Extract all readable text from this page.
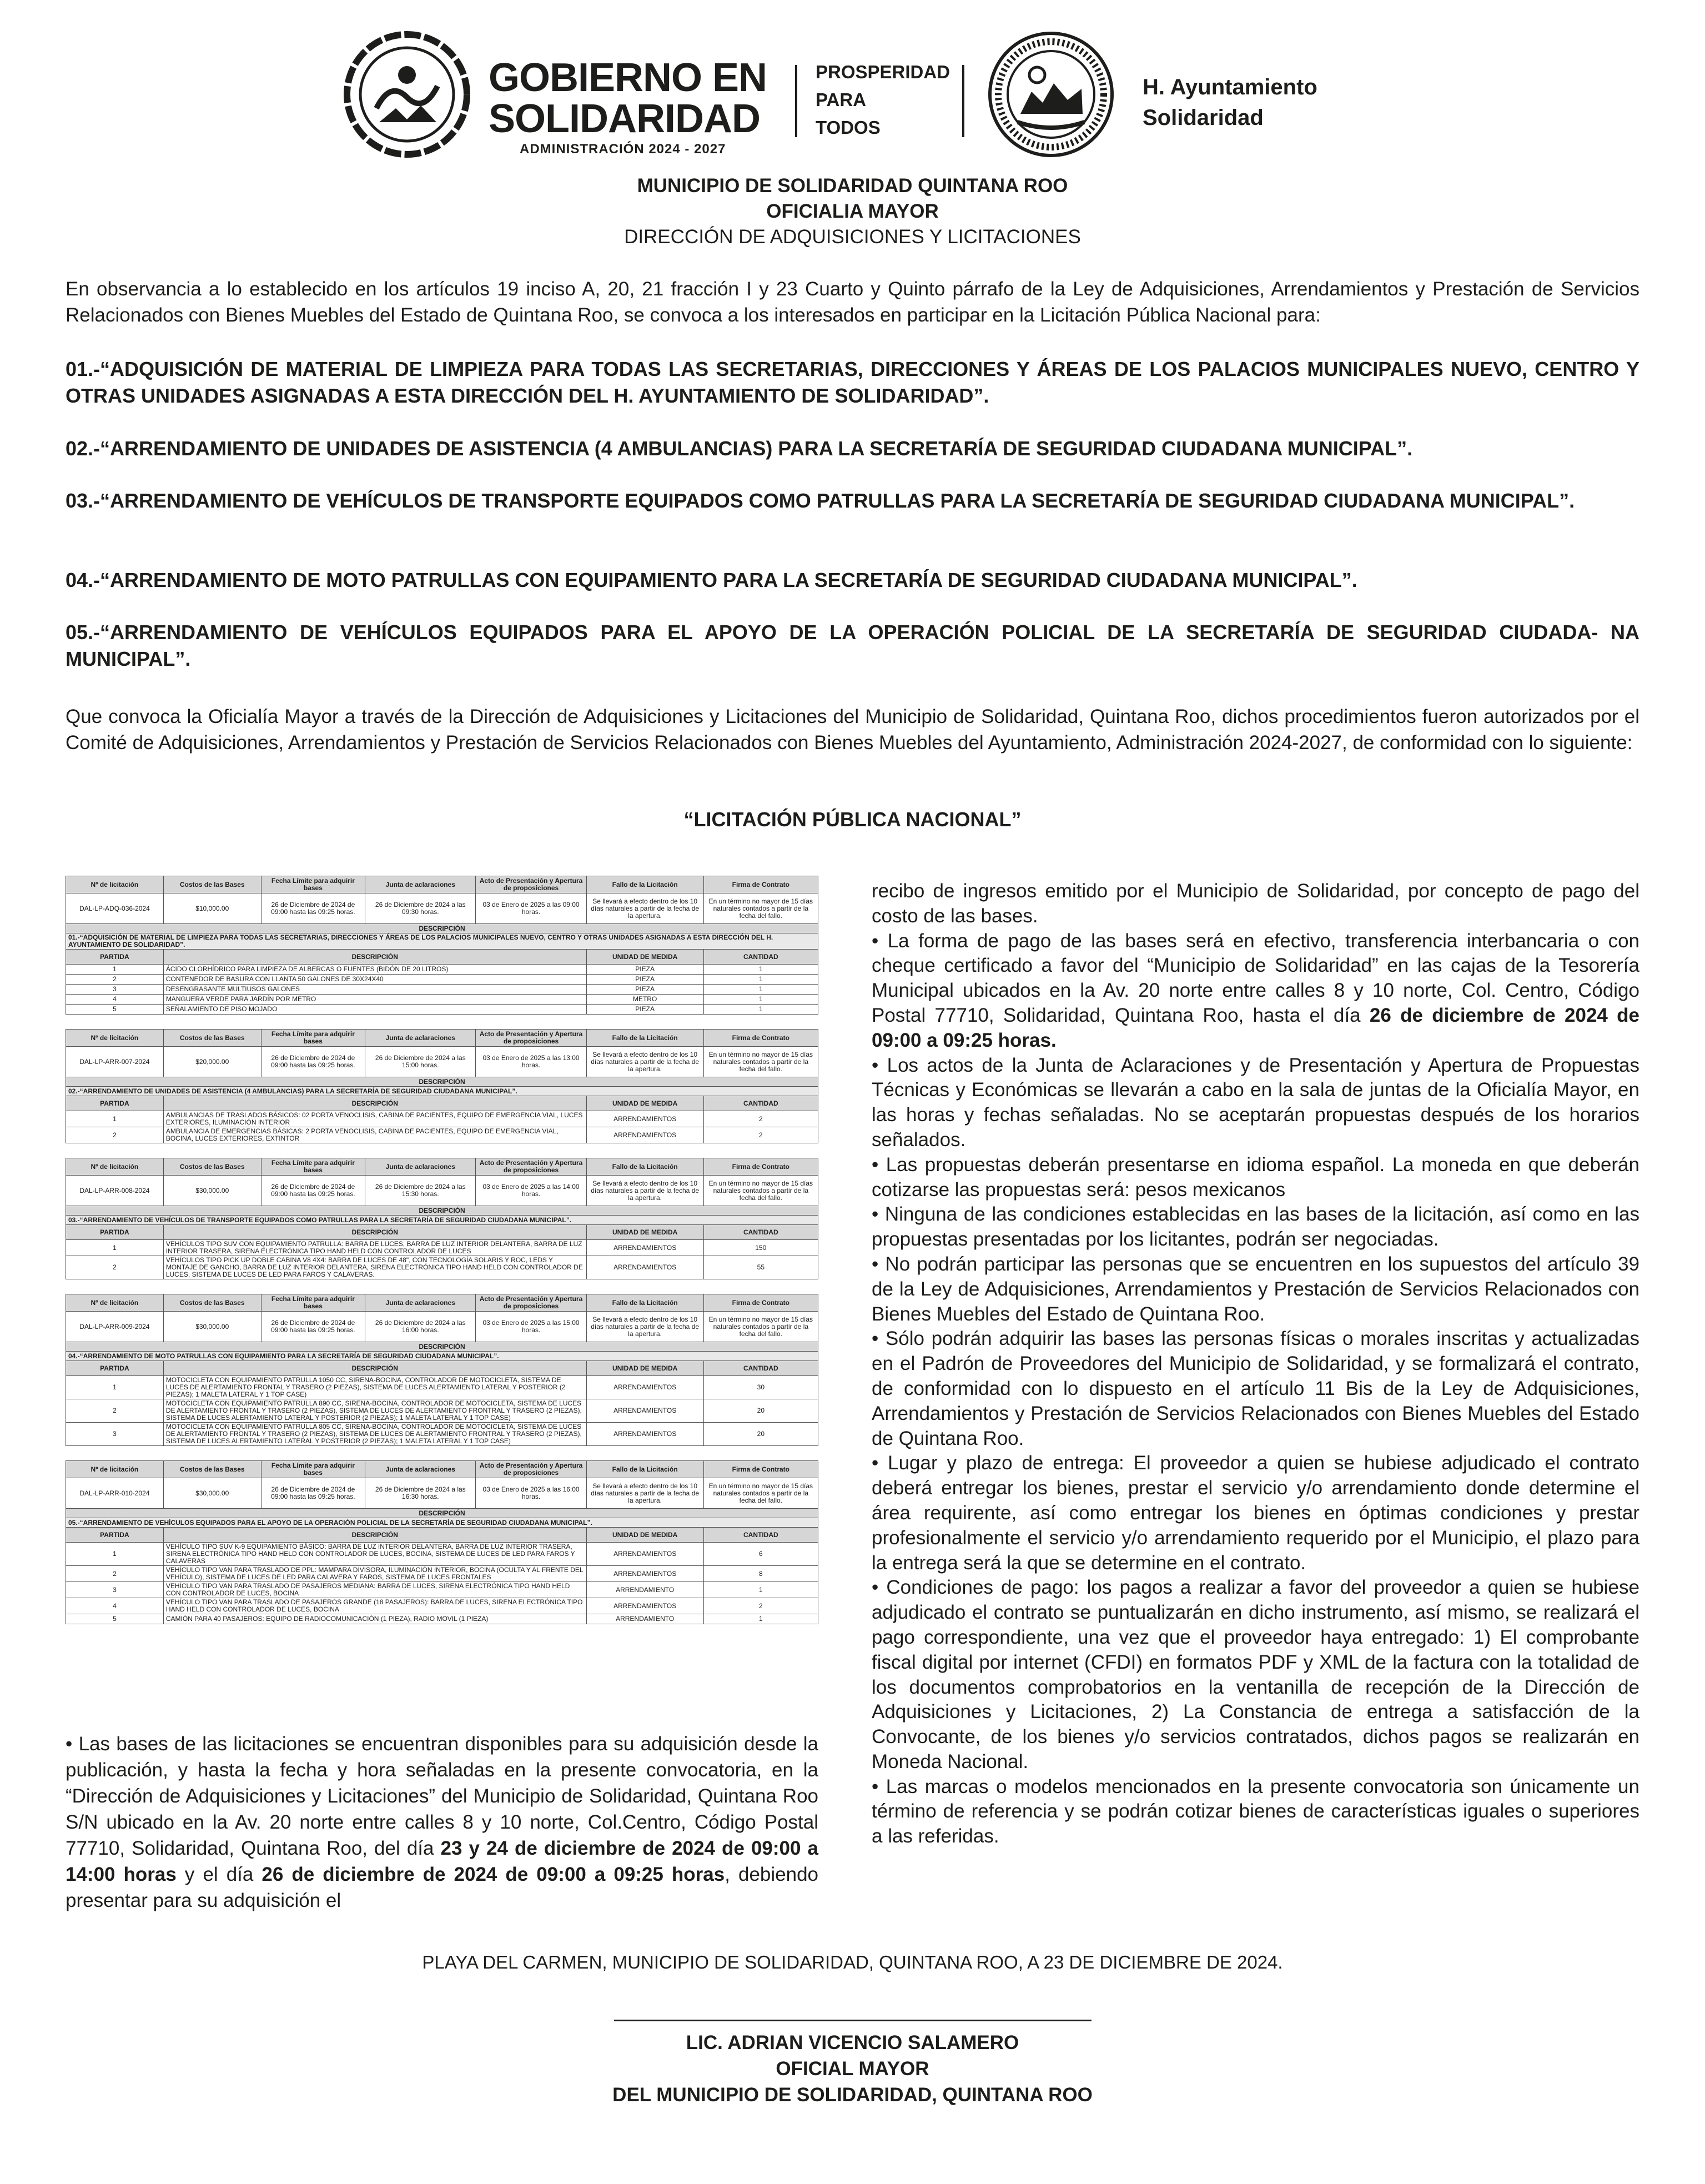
GOBIERNO EN
SOLIDARIDAD
ADMINISTRACIÓN 2024 - 2027
PROSPERIDAD
PARA
TODOS
H. Ayuntamiento
Solidaridad
MUNICIPIO DE SOLIDARIDAD QUINTANA ROO
OFICIALIA MAYOR
DIRECCIÓN DE ADQUISICIONES Y LICITACIONES
En observancia a lo establecido en los artículos 19 inciso A, 20, 21 fracción I y 23 Cuarto y Quinto párrafo de la Ley de Adquisiciones, Arrendamientos y Prestación de Servicios Relacionados con Bienes Muebles del Estado de Quintana Roo, se convoca a los interesados en participar en la Licitación Pública Nacional para:
01.-“ADQUISICIÓN DE MATERIAL DE LIMPIEZA PARA TODAS LAS SECRETARIAS, DIRECCIONES Y ÁREAS DE LOS PALACIOS MUNICIPALES NUEVO, CENTRO Y OTRAS UNIDADES ASIGNADAS A ESTA DIRECCIÓN DEL H. AYUNTAMIENTO DE SOLIDARIDAD”.
02.-“ARRENDAMIENTO DE UNIDADES DE ASISTENCIA (4 AMBULANCIAS) PARA LA SECRETARÍA DE SEGURIDAD CIUDADANA MUNICIPAL”.
03.-“ARRENDAMIENTO DE VEHÍCULOS DE TRANSPORTE EQUIPADOS COMO PATRULLAS PARA LA SECRETARÍA DE SEGURIDAD CIUDADANA MUNICIPAL”.
04.-“ARRENDAMIENTO DE MOTO PATRULLAS CON EQUIPAMIENTO PARA LA SECRETARÍA DE SEGURIDAD CIUDADANA MUNICIPAL”.
05.-“ARRENDAMIENTO DE VEHÍCULOS EQUIPADOS PARA EL APOYO DE LA OPERACIÓN POLICIAL DE LA SECRETARÍA DE SEGURIDAD CIUDADA- NA MUNICIPAL”.
Que convoca la Oficialía Mayor a través de la Dirección de Adquisiciones y Licitaciones del Municipio de Solidaridad, Quintana Roo, dichos procedimientos fueron autorizados por el Comité de Adquisiciones, Arrendamientos y Prestación de Servicios Relacionados con Bienes Muebles del Ayuntamiento, Administración 2024-2027, de conformidad con lo siguiente:
“LICITACIÓN PÚBLICA NACIONAL”
Nº de licitación	Costos de las Bases	Fecha Límite para adquirir bases	Junta de aclaraciones	Acto de Presentación y Apertura de proposiciones	Fallo de la Licitación	Firma de Contrato
DAL-LP-ADQ-036-2024	$10,000.00	26 de Diciembre de 2024 de 09:00 hasta las 09:25 horas.	26 de Diciembre de 2024 a las 09:30 horas.	03 de Enero de 2025 a las 09:00 horas.	Se llevará a efecto dentro de los 10 días naturales a partir de la fecha de la apertura.	En un término no mayor de 15 días naturales contados a partir de la fecha del fallo.
DESCRIPCIÓN						
01.-“ADQUISICIÓN DE MATERIAL DE LIMPIEZA PARA TODAS LAS SECRETARIAS, DIRECCIONES Y ÁREAS DE LOS PALACIOS MUNICIPALES NUEVO, CENTRO Y OTRAS UNIDADES ASIGNADAS A ESTA DIRECCIÓN DEL H. AYUNTAMIENTO DE SOLIDARIDAD”.						
PARTIDA	DESCRIPCIÓN				UNIDAD DE MEDIDA	CANTIDAD
1	ÁCIDO CLORHÍDRICO PARA LIMPIEZA DE ALBERCAS O FUENTES (BIDÓN DE 20 LITROS)				PIEZA	1
2	CONTENEDOR DE BASURA CON LLANTA 50 GALONES DE 30X24X40				PIEZA	1
3	DESENGRASANTE MULTIUSOS GALONES				PIEZA	1
4	MANGUERA VERDE PARA JARDÍN POR METRO				METRO	1
5	SEÑALAMIENTO DE PISO MOJADO				PIEZA	1
Nº de licitación	Costos de las Bases	Fecha Límite para adquirir bases	Junta de aclaraciones	Acto de Presentación y Apertura de proposiciones	Fallo de la Licitación	Firma de Contrato
DAL-LP-ARR-007-2024	$20,000.00	26 de Diciembre de 2024 de 09:00 hasta las 09:25 horas.	26 de Diciembre de 2024 a las 15:00 horas.	03 de Enero de 2025 a las 13:00 horas.	Se llevará a efecto dentro de los 10 días naturales a partir de la fecha de la apertura.	En un término no mayor de 15 días naturales contados a partir de la fecha del fallo.
DESCRIPCIÓN						
02.-“ARRENDAMIENTO DE UNIDADES DE ASISTENCIA (4 AMBULANCIAS) PARA LA SECRETARÍA DE SEGURIDAD CIUDADANA MUNICIPAL”.						
PARTIDA	DESCRIPCIÓN				UNIDAD DE MEDIDA	CANTIDAD
1	AMBULANCIAS DE TRASLADOS BÁSICOS: 02 PORTA VENOCLISIS, CABINA DE PACIENTES, EQUIPO DE EMERGENCIA VIAL, LUCES EXTERIORES, ILUMINACIÓN INTERIOR				ARRENDAMIENTOS	2
2	AMBULANCIA DE EMERGENCIAS BÁSICAS: 2 PORTA VENOCLISIS, CABINA DE PACIENTES, EQUIPO DE EMERGENCIA VIAL, BOCINA, LUCES EXTERIORES, EXTINTOR				ARRENDAMIENTOS	2
Nº de licitación	Costos de las Bases	Fecha Límite para adquirir bases	Junta de aclaraciones	Acto de Presentación y Apertura de proposiciones	Fallo de la Licitación	Firma de Contrato
DAL-LP-ARR-008-2024	$30,000.00	26 de Diciembre de 2024 de 09:00 hasta las 09:25 horas.	26 de Diciembre de 2024 a las 15:30 horas.	03 de Enero de 2025 a las 14:00 horas.	Se llevará a efecto dentro de los 10 días naturales a partir de la fecha de la apertura.	En un término no mayor de 15 días naturales contados a partir de la fecha del fallo.
DESCRIPCIÓN						
03.-“ARRENDAMIENTO DE VEHÍCULOS DE TRANSPORTE EQUIPADOS COMO PATRULLAS PARA LA SECRETARÍA DE SEGURIDAD CIUDADANA MUNICIPAL”.						
PARTIDA	DESCRIPCIÓN				UNIDAD DE MEDIDA	CANTIDAD
1	VEHÍCULOS TIPO SUV CON EQUIPAMIENTO PATRULLA: BARRA DE LUCES, BARRA DE LUZ INTERIOR DELANTERA, BARRA DE LUZ INTERIOR TRASERA, SIRENA ELECTRÓNICA TIPO HAND HELD CON CONTROLADOR DE LUCES				ARRENDAMIENTOS	150
2	VEHÍCULOS TIPO PICK UP DOBLE CABINA V8 4X4: BARRA DE LUCES DE 48", CON TECNOLOGÍA SOLARIS Y ROC, LEDS Y MONTAJE DE GANCHO, BARRA DE LUZ INTERIOR DELANTERA, SIRENA ELECTRÓNICA TIPO HAND HELD CON CONTROLADOR DE LUCES, SISTEMA DE LUCES DE LED PARA FAROS Y CALAVERAS.				ARRENDAMIENTOS	55
Nº de licitación	Costos de las Bases	Fecha Límite para adquirir bases	Junta de aclaraciones	Acto de Presentación y Apertura de proposiciones	Fallo de la Licitación	Firma de Contrato
DAL-LP-ARR-009-2024	$30,000.00	26 de Diciembre de 2024 de 09:00 hasta las 09:25 horas.	26 de Diciembre de 2024 a las 16:00 horas.	03 de Enero de 2025 a las 15:00 horas.	Se llevará a efecto dentro de los 10 días naturales a partir de la fecha de la apertura.	En un término no mayor de 15 días naturales contados a partir de la fecha del fallo.
DESCRIPCIÓN						
04.-“ARRENDAMIENTO DE MOTO PATRULLAS CON EQUIPAMIENTO PARA LA SECRETARÍA DE SEGURIDAD CIUDADANA MUNICIPAL”.						
PARTIDA	DESCRIPCIÓN				UNIDAD DE MEDIDA	CANTIDAD
1	MOTOCICLETA CON EQUIPAMIENTO PATRULLA 1050 CC, SIRENA-BOCINA, CONTROLADOR DE MOTOCICLETA, SISTEMA DE LUCES DE ALERTAMIENTO FRONTAL Y TRASERO (2 PIEZAS), SISTEMA DE LUCES ALERTAMIENTO LATERAL Y POSTERIOR (2 PIEZAS); 1 MALETA LATERAL Y 1 TOP CASE)				ARRENDAMIENTOS	30
2	MOTOCICLETA CON EQUIPAMIENTO PATRULLA 890 CC, SIRENA-BOCINA, CONTROLADOR DE MOTOCICLETA, SISTEMA DE LUCES DE ALERTAMIENTO FRONTAL Y TRASERO (2 PIEZAS), SISTEMA DE LUCES DE ALERTAMIENTO FRONTRAL Y TRASERO (2 PIEZAS), SISTEMA DE LUCES ALERTAMIENTO LATERAL Y POSTERIOR (2 PIEZAS); 1 MALETA LATERAL Y 1 TOP CASE)				ARRENDAMIENTOS	20
3	MOTOCICLETA CON EQUIPAMIENTO PATRULLA 805 CC, SIRENA-BOCINA, CONTROLADOR DE MOTOCICLETA, SISTEMA DE LUCES DE ALERTAMIENTO FRONTAL Y TRASERO (2 PIEZAS), SISTEMA DE LUCES DE ALERTAMIENTO FRONTRAL Y TRASERO (2 PIEZAS), SISTEMA DE LUCES ALERTAMIENTO LATERAL Y POSTERIOR (2 PIEZAS); 1 MALETA LATERAL Y 1 TOP CASE)				ARRENDAMIENTOS	20
Nº de licitación	Costos de las Bases	Fecha Límite para adquirir bases	Junta de aclaraciones	Acto de Presentación y Apertura de proposiciones	Fallo de la Licitación	Firma de Contrato
DAL-LP-ARR-010-2024	$30,000.00	26 de Diciembre de 2024 de 09:00 hasta las 09:25 horas.	26 de Diciembre de 2024 a las 16:30 horas.	03 de Enero de 2025 a las 16:00 horas.	Se llevará a efecto dentro de los 10 días naturales a partir de la fecha de la apertura.	En un término no mayor de 15 días naturales contados a partir de la fecha del fallo.
DESCRIPCIÓN						
05.-“ARRENDAMIENTO DE VEHÍCULOS EQUIPADOS PARA EL APOYO DE LA OPERACIÓN POLICIAL DE LA SECRETARÍA DE SEGURIDAD CIUDADANA MUNICIPAL”.						
PARTIDA	DESCRIPCIÓN				UNIDAD DE MEDIDA	CANTIDAD
1	VEHÍCULO TIPO SUV K-9 EQUIPAMIENTO BÁSICO: BARRA DE LUZ INTERIOR DELANTERA, BARRA DE LUZ INTERIOR TRASERA, SIRENA ELECTRÓNICA TIPO HAND HELD CON CONTROLADOR DE LUCES, BOCINA, SISTEMA DE LUCES DE LED PARA FAROS Y CALAVERAS				ARRENDAMIENTOS	6
2	VEHÍCULO TIPO VAN PARA TRASLADO DE PPL: MAMPARA DIVISORA, ILUMINACIÓN INTERIOR, BOCINA (OCULTA Y AL FRENTE DEL VEHÍCULO), SISTEMA DE LUCES DE LED PARA CALAVERA Y FAROS, SISTEMA DE LUCES FRONTALES				ARRENDAMIENTOS	8
3	VEHÍCULO TIPO VAN PARA TRASLADO DE PASAJEROS MEDIANA: BARRA DE LUCES, SIRENA ELECTRÓNICA TIPO HAND HELD CON CONTROLADOR DE LUCES, BOCINA				ARRENDAMIENTO	1
4	VEHÍCULO TIPO VAN PARA TRASLADO DE PASAJEROS GRANDE (18 PASAJEROS): BARRA DE LUCES, SIRENA ELECTRÓNICA TIPO HAND HELD CON CONTROLADOR DE LUCES, BOCINA				ARRENDAMIENTOS	2
5	CAMIÓN PARA 40 PASAJEROS: EQUIPO DE RADIOCOMUNICACIÓN (1 PIEZA), RADIO MOVIL (1 PIEZA)				ARRENDAMIENTO	1

• Las bases de las licitaciones se encuentran disponibles para su adquisición desde la publicación, y hasta la fecha y hora señaladas en la presente convocatoria, en la “Dirección de Adquisiciones y Licitaciones” del Municipio de Solidaridad, Quintana Roo S/N ubicado en la Av. 20 norte entre calles 8 y 10 norte, Col.Centro, Código Postal 77710, Solidaridad, Quintana Roo, del día 23 y 24 de diciembre de 2024 de 09:00 a 14:00 horas y el día 26 de diciembre de 2024 de 09:00 a 09:25 horas, debiendo presentar para su adquisición el

recibo de ingresos emitido por el Municipio de Solidaridad, por concepto de pago del costo de las bases.

• La forma de pago de las bases será en efectivo, transferencia interbancaria o con cheque certificado a favor del “Municipio de Solidaridad” en las cajas de la Tesorería Municipal ubicados en la Av. 20 norte entre calles 8 y 10 norte, Col. Centro, Código Postal 77710, Solidaridad, Quintana Roo, hasta el día 26 de diciembre de 2024 de 09:00 a 09:25 horas.

• Los actos de la Junta de Aclaraciones y de Presentación y Apertura de Propuestas Técnicas y Económicas se llevarán a cabo en la sala de juntas de la Oficialía Mayor, en las horas y fechas señaladas. No se aceptarán propuestas después de los horarios señalados.

• Las propuestas deberán presentarse en idioma español. La moneda en que deberán cotizarse las propuestas será: pesos mexicanos

• Ninguna de las condiciones establecidas en las bases de la licitación, así como en las propuestas presentadas por los licitantes, podrán ser negociadas.

• No podrán participar las personas que se encuentren en los supuestos del artículo 39 de la Ley de Adquisiciones, Arrendamientos y Prestación de Servicios Relacionados con Bienes Muebles del Estado de Quintana Roo.

• Sólo podrán adquirir las bases las personas físicas o morales inscritas y actualizadas en el Padrón de Proveedores del Municipio de Solidaridad, y se formalizará el contrato, de conformidad con lo dispuesto en el artículo 11 Bis de la Ley de Adquisiciones, Arrendamientos y Prestación de Servicios Relacionados con Bienes Muebles del Estado de Quintana Roo.

• Lugar y plazo de entrega: El proveedor a quien se hubiese adjudicado el contrato deberá entregar los bienes, prestar el servicio y/o arrendamiento donde determine el área requirente, así como entregar los bienes en óptimas condiciones y prestar profesionalmente el servicio y/o arrendamiento requerido por el Municipio, el plazo para la entrega será la que se determine en el contrato.

• Condiciones de pago: los pagos a realizar a favor del proveedor a quien se hubiese adjudicado el contrato se puntualizarán en dicho instrumento, así mismo, se realizará el pago correspondiente, una vez que el proveedor haya entregado: 1) El comprobante fiscal digital por internet (CFDI) en formatos PDF y XML de la factura con la totalidad de los documentos comprobatorios en la ventanilla de recepción de la Dirección de Adquisiciones y Licitaciones, 2) La Constancia de entrega a satisfacción de la Convocante, de los bienes y/o servicios contratados, dichos pagos se realizarán en Moneda Nacional.

• Las marcas o modelos mencionados en la presente convocatoria son únicamente un término de referencia y se podrán cotizar bienes de características iguales o superiores a las referidas.

PLAYA DEL CARMEN, MUNICIPIO DE SOLIDARIDAD, QUINTANA ROO, A 23 DE DICIEMBRE DE 2024.
LIC. ADRIAN VICENCIO SALAMERO
OFICIAL MAYOR
DEL MUNICIPIO DE SOLIDARIDAD, QUINTANA ROO
